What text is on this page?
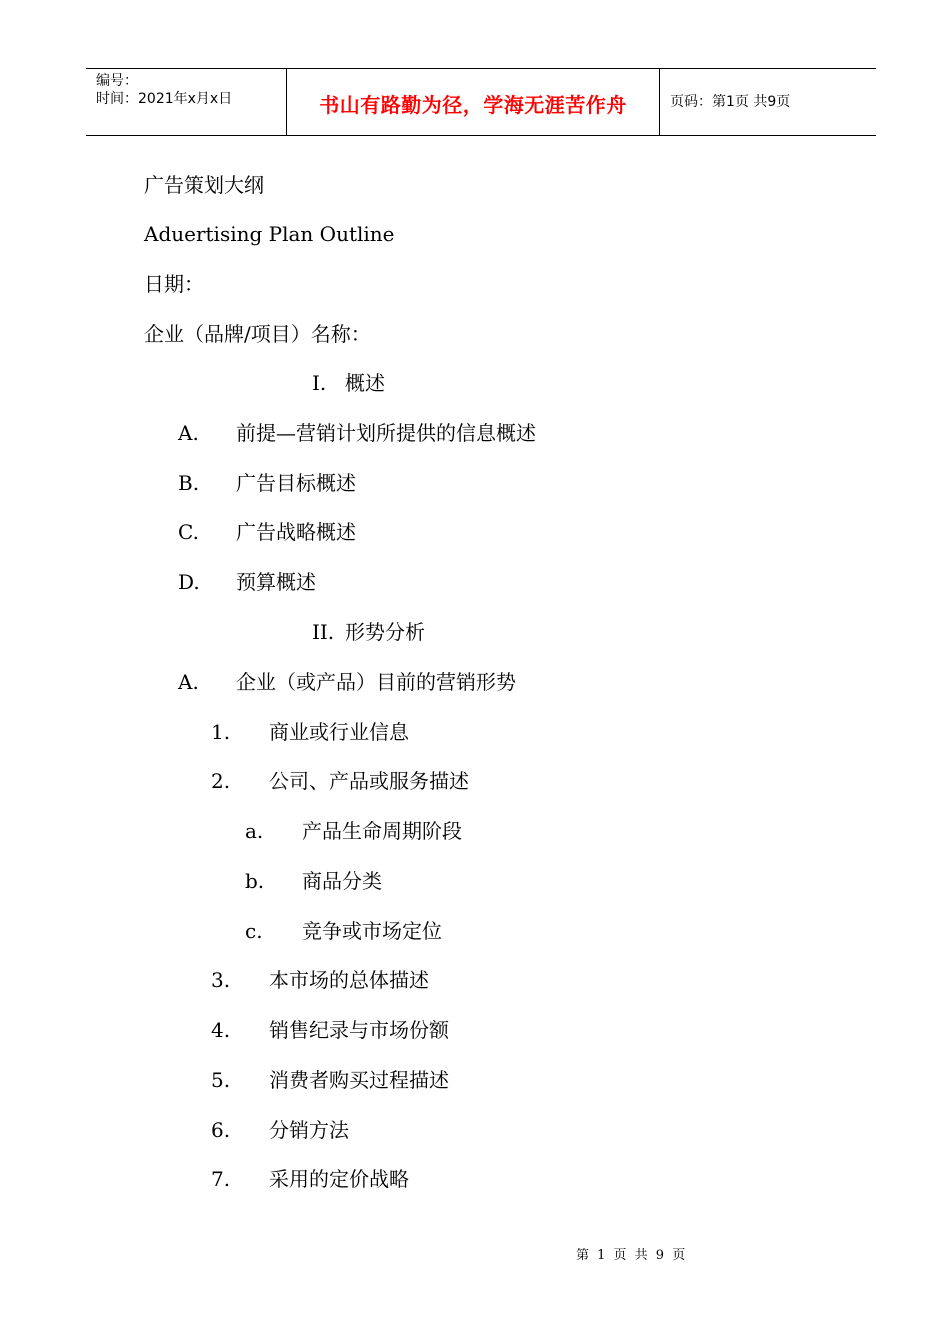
编号：
时间：2021年x月x日	书山有路勤为径，学海无涯苦作舟	页码：第1页 共9页
广告策划大纲
Aduertising Plan Outline
日期：
企业（品牌/项目）名称：
I. 概述
A. 前提—营销计划所提供的信息概述
B. 广告目标概述
C. 广告战略概述
D. 预算概述
II. 形势分析
A. 企业（或产品）目前的营销形势
1. 商业或行业信息
2. 公司、产品或服务描述
a. 产品生命周期阶段
b. 商品分类
c. 竞争或市场定位
3. 本市场的总体描述
4. 销售纪录与市场份额
5. 消费者购买过程描述
6. 分销方法
7. 采用的定价战略
第 1 页 共 9 页
